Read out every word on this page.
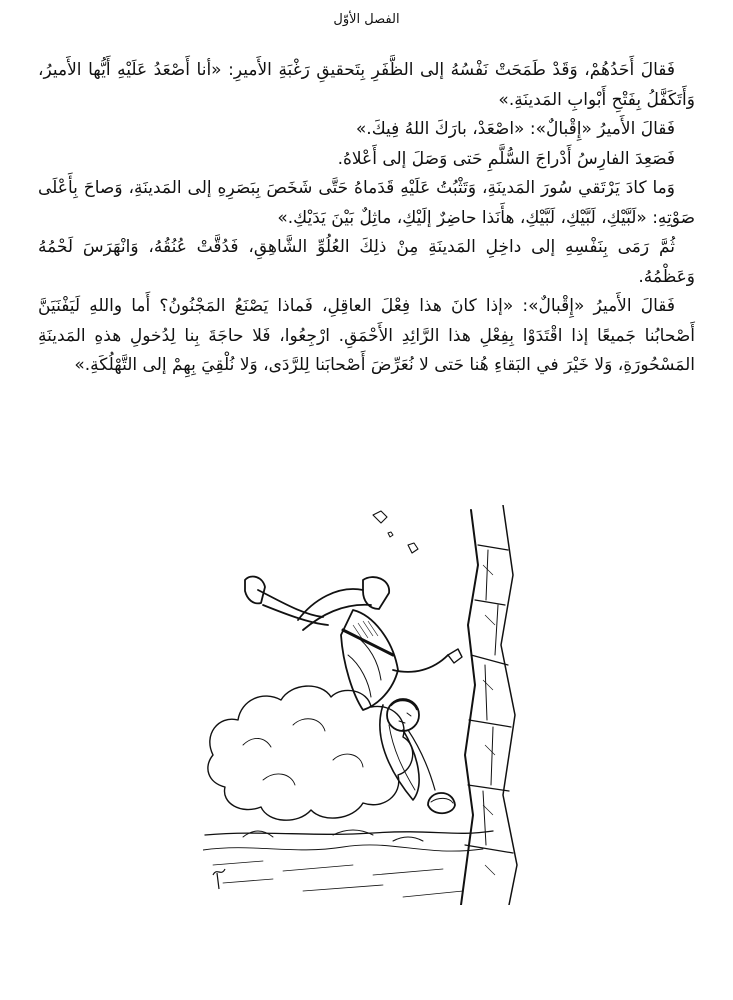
الفصل الأوّل

فَقالَ أَحَدُهُمْ، وَقَدْ طَمَحَتْ نَفْسُهُ إلى الظَّفَرِ بِتَحقيقِ رَغْبَةِ الأَميرِ: «أنا أَصْعَدُ عَلَيْهِ أَيُّها الأَميرُ، وَأَتَكَفَّلُ بِفَتْحِ أَبْوابِ المَدينَةِ.»

فَقالَ الأَميرُ «إِقْبالٌ»: «اصْعَدْ، بارَكَ اللهُ فِيكَ.»

فَصَعِدَ الفارِسُ أَدْراجَ السُّلَّمِ حَتى وَصَلَ إلى أَعْلاهُ.

وَما كادَ يَرْتَقي سُورَ المَدينَةِ، وَتَثْبُتُ عَلَيْهِ قَدَماهُ حَتَّى شَخَصَ بِبَصَرِهِ إلى المَدينَةِ، وَصاحَ بِأَعْلَى صَوْتِهِ: «لَبَّيْكِ، لَبَّيْكِ، لَبَّيْكِ، هأَنَذا حاضِرٌ إلَيْكِ، ماثِلٌ بَيْنَ يَدَيْكِ.»

ثُمَّ رَمَى بِنَفْسِهِ إلى داخِلِ المَدينَةِ مِنْ ذلِكَ العُلُوِّ الشَّاهِقِ، فَدُقَّتْ عُنُقُهُ، وَانْهَرَسَ لَحْمُهُ وَعَظْمُهُ.

فَقالَ الأَميرُ «إِقْبالٌ»: «إذا كانَ هذا فِعْلَ العاقِلِ، فَماذا يَصْنَعُ المَجْنُونُ؟ أَما واللهِ لَيَفْنَيَنَّ أَصْحابُنا جَميعًا إذا اقْتَدَوْا بِفِعْلِ هذا الرَّائِدِ الأَحْمَقِ. ارْجِعُوا، فَلا حاجَةَ بِنا لِدُخولِ هذهِ المَدينَةِ المَسْحُورَةِ، وَلا خَيْرَ في البَقاءِ هُنا حَتى لا نُعَرِّضَ أَصْحابَنا لِلرَّدَى، وَلا نُلْقِيَ بِهِمْ إلى التَّهْلُكَةِ.»
